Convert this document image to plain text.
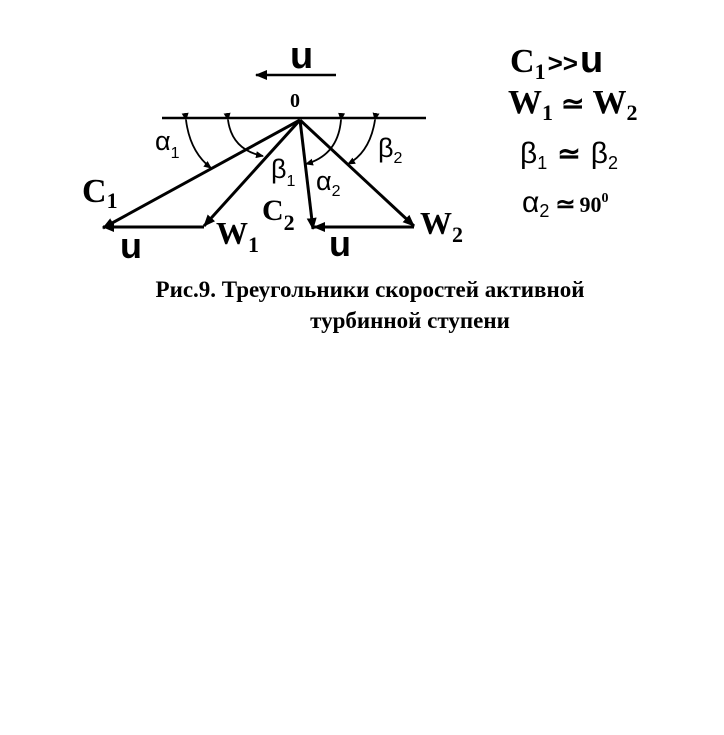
u
0
$\alpha_1$
$\beta_1$ $\alpha_2$
$\beta_2$
C1
u $W_1$
$C_2$
u $W_2$
C1>>u
W1 ≃ W2
β1 ≃ β2
α2 ≃ 900
Рис.9. Треугольники скоростей активной
турбинной ступени
